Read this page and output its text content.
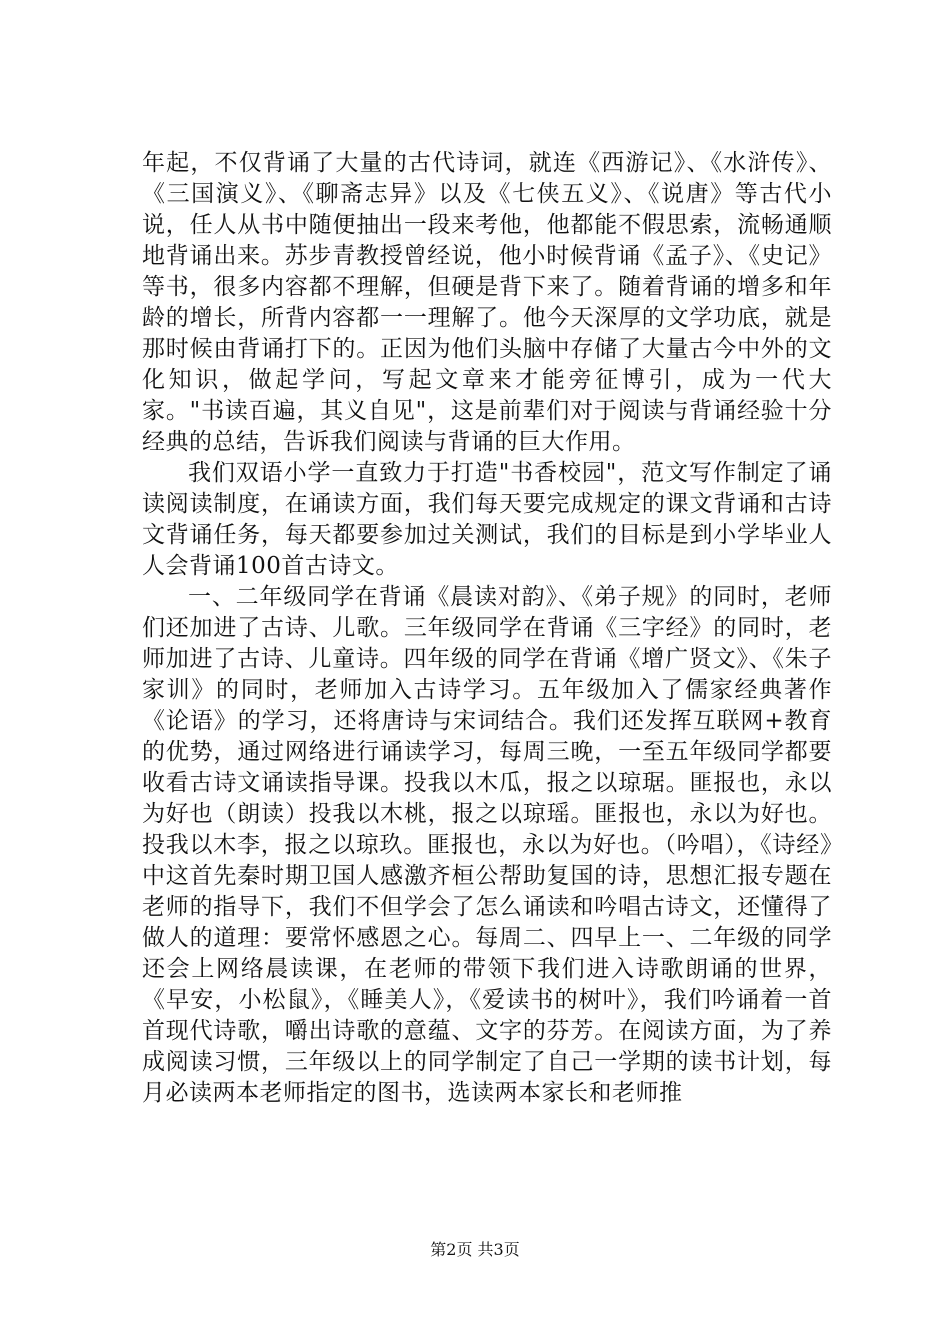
年起，不仅背诵了大量的古代诗词，就连《西游记》、《水浒传》、《三国演义》、《聊斋志异》以及《七侠五义》、《说唐》等古代小说，任人从书中随便抽出一段来考他，他都能不假思索，流畅通顺地背诵出来。苏步青教授曾经说，他小时候背诵《孟子》、《史记》等书，很多内容都不理解，但硬是背下来了。随着背诵的增多和年龄的增长，所背内容都一一理解了。他今天深厚的文学功底，就是那时候由背诵打下的。正因为他们头脑中存储了大量古今中外的文化知识，做起学问，写起文章来才能旁征博引，成为一代大家。"书读百遍，其义自见"，这是前辈们对于阅读与背诵经验十分经典的总结，告诉我们阅读与背诵的巨大作用。

我们双语小学一直致力于打造"书香校园"，范文写作制定了诵读阅读制度，在诵读方面，我们每天要完成规定的课文背诵和古诗文背诵任务，每天都要参加过关测试，我们的目标是到小学毕业人人会背诵100首古诗文。

一、二年级同学在背诵《晨读对韵》、《弟子规》的同时，老师们还加进了古诗、儿歌。三年级同学在背诵《三字经》的同时，老师加进了古诗、儿童诗。四年级的同学在背诵《增广贤文》、《朱子家训》的同时，老师加入古诗学习。五年级加入了儒家经典著作《论语》的学习，还将唐诗与宋词结合。我们还发挥互联网+教育的优势，通过网络进行诵读学习，每周三晚，一至五年级同学都要收看古诗文诵读指导课。投我以木瓜，报之以琼琚。匪报也，永以为好也（朗读）投我以木桃，报之以琼瑶。匪报也，永以为好也。投我以木李，报之以琼玖。匪报也，永以为好也。（吟唱），《诗经》中这首先秦时期卫国人感激齐桓公帮助复国的诗，思想汇报专题在老师的指导下，我们不但学会了怎么诵读和吟唱古诗文，还懂得了做人的道理：要常怀感恩之心。每周二、四早上一、二年级的同学还会上网络晨读课，在老师的带领下我们进入诗歌朗诵的世界，《早安，小松鼠》，《睡美人》，《爱读书的树叶》，我们吟诵着一首首现代诗歌，嚼出诗歌的意蕴、文字的芬芳。在阅读方面，为了养成阅读习惯，三年级以上的同学制定了自己一学期的读书计划，每月必读两本老师指定的图书，选读两本家长和老师推

第2页 共3页
